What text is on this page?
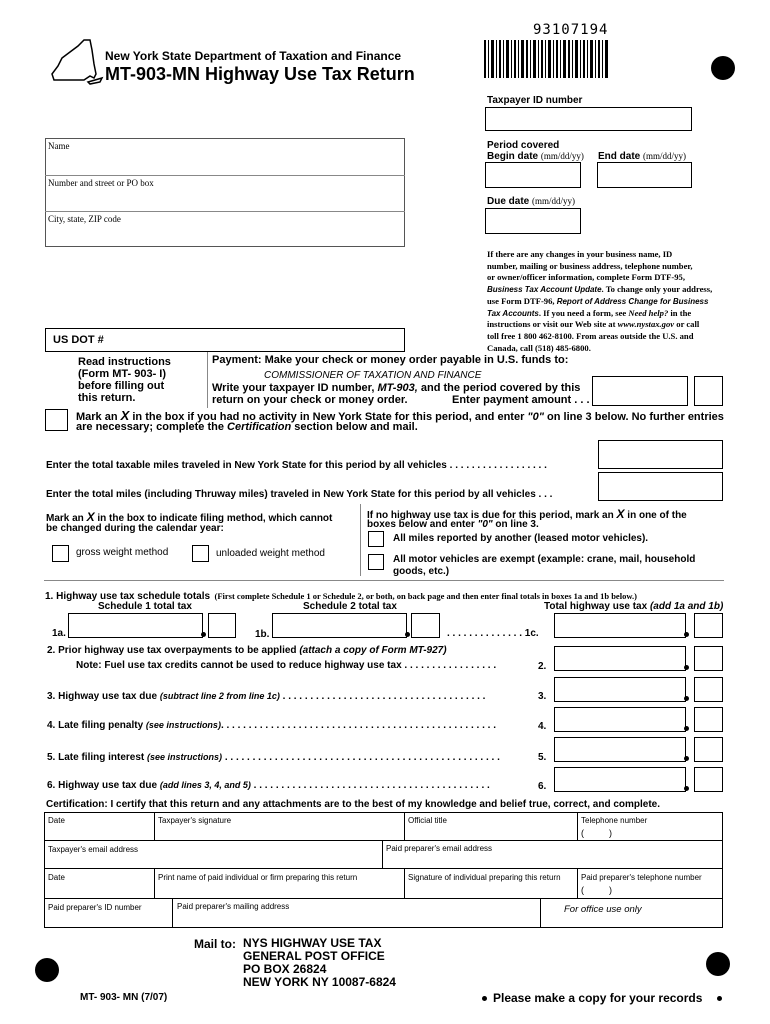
New York State Department of Taxation and Finance
MT-903-MN Highway Use Tax Return
93107194
Taxpayer ID number
Period covered
Begin date (mm/dd/yy) End date (mm/dd/yy)
Due date (mm/dd/yy)
Name
Number and street or PO box
City, state, ZIP code
If there are any changes in your business name, ID
number, mailing or business address, telephone number,
or owner/officer information, complete Form DTF-95,
Business Tax Account Update. To change only your address,
use Form DTF-96, Report of Address Change for Business
Tax Accounts. If you need a form, see Need help? in the
instructions or visit our Web site at www.nystax.gov or call
toll free 1 800 462-8100. From areas outside the U.S. and
Canada, call (518) 485-6800.
US DOT #
Read instructions
(Form MT- 903- I)
before filling out
this return.
Payment: Make your check or money order payable in U.S. funds to:
COMMISSIONER OF TAXATION AND FINANCE
Write your taxpayer ID number, MT-903, and the period covered by this
return on your check or money order.	Enter payment amount . . .
Mark an X in the box if you had no activity in New York State for this period, and enter "0" on line 3 below. No further entries
are necessary; complete the Certification section below and mail.
Enter the total taxable miles traveled in New York State for this period by all vehicles . . . . . . . . . . . . . . . . . .
Enter the total miles (including Thruway miles) traveled in New York State for this period by all vehicles . . .
Mark an X in the box to indicate filing method, which cannot
be changed during the calendar year:
gross weight method	unloaded weight method
If no highway use tax is due for this period, mark an X in one of the
boxes below and enter "0" on line 3.
All miles reported by another (leased motor vehicles).
All motor vehicles are exempt (example: crane, mail, household
goods, etc.)
1. Highway use tax schedule totals (First complete Schedule 1 or Schedule 2, or both, on back page and then enter final totals in boxes 1a and 1b below.)
Schedule 1 total tax	Schedule 2 total tax	Total highway use tax (add 1a and 1b)
1a.	1b.	. . . . . . . . . . . . . . 1c.
2. Prior highway use tax overpayments to be applied (attach a copy of Form MT-927)
Note: Fuel use tax credits cannot be used to reduce highway use tax . . . . . . . . . . . . . . . . .	2.
3. Highway use tax due (subtract line 2 from line 1c) . . . . . . . . . . . . . . . . . . . . . . . . . . . . . . . . . . . . .	3.
4. Late filing penalty (see instructions). . . . . . . . . . . . . . . . . . . . . . . . . . . . . . . . . . . . . . . . . . . . . . . . . .	4.
5. Late filing interest (see instructions) . . . . . . . . . . . . . . . . . . . . . . . . . . . . . . . . . . . . . . . . . . . . . . . . . .	5.
6. Highway use tax due (add lines 3, 4, and 5) . . . . . . . . . . . . . . . . . . . . . . . . . . . . . . . . . . . . . . . . . . .	6.
Certification: I certify that this return and any attachments are to the best of my knowledge and belief true, correct, and complete.
Date	Taxpayer's signature	Official title	Telephone number
(          )
Taxpayer's email address	Paid preparer's email address
Date	Print name of paid individual or firm preparing this return	Signature of individual preparing this return	Paid preparer's telephone number
(          )
Paid preparer's ID number	Paid preparer's mailing address	For office use only
Mail to: NYS HIGHWAY USE TAX
GENERAL POST OFFICE
PO BOX 26824
NEW YORK NY 10087-6824
MT- 903- MN (7/07)	Please make a copy for your records
